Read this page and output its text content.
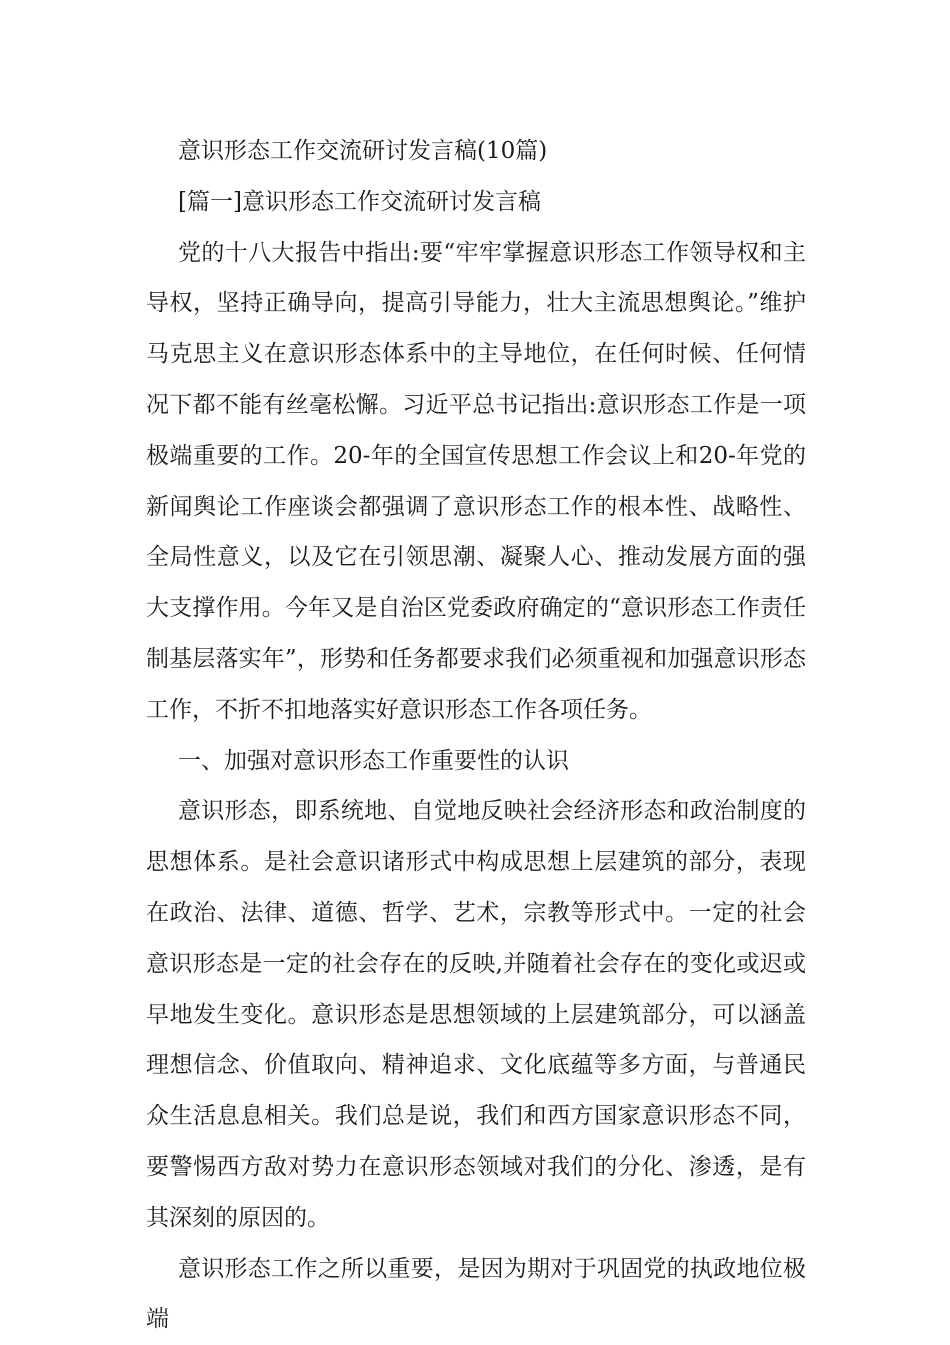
意识形态工作交流研讨发言稿(10篇)

[篇一]意识形态工作交流研讨发言稿

党的十八大报告中指出:要“牢牢掌握意识形态工作领导权和主导权，坚持正确导向，提高引导能力，壮大主流思想舆论。”维护马克思主义在意识形态体系中的主导地位，在任何时候、任何情况下都不能有丝毫松懈。习近平总书记指出:意识形态工作是一项极端重要的工作。20-年的全国宣传思想工作会议上和20-年党的新闻舆论工作座谈会都强调了意识形态工作的根本性、战略性、全局性意义，以及它在引领思潮、凝聚人心、推动发展方面的强大支撑作用。今年又是自治区党委政府确定的“意识形态工作责任制基层落实年”，形势和任务都要求我们必须重视和加强意识形态工作，不折不扣地落实好意识形态工作各项任务。

一、加强对意识形态工作重要性的认识

意识形态，即系统地、自觉地反映社会经济形态和政治制度的思想体系。是社会意识诸形式中构成思想上层建筑的部分，表现在政治、法律、道德、哲学、艺术，宗教等形式中。一定的社会意识形态是一定的社会存在的反映,并随着社会存在的变化或迟或早地发生变化。意识形态是思想领域的上层建筑部分，可以涵盖理想信念、价值取向、精神追求、文化底蕴等多方面，与普通民众生活息息相关。我们总是说，我们和西方国家意识形态不同，要警惕西方敌对势力在意识形态领域对我们的分化、渗透，是有其深刻的原因的。

意识形态工作之所以重要，是因为期对于巩固党的执政地位极端
